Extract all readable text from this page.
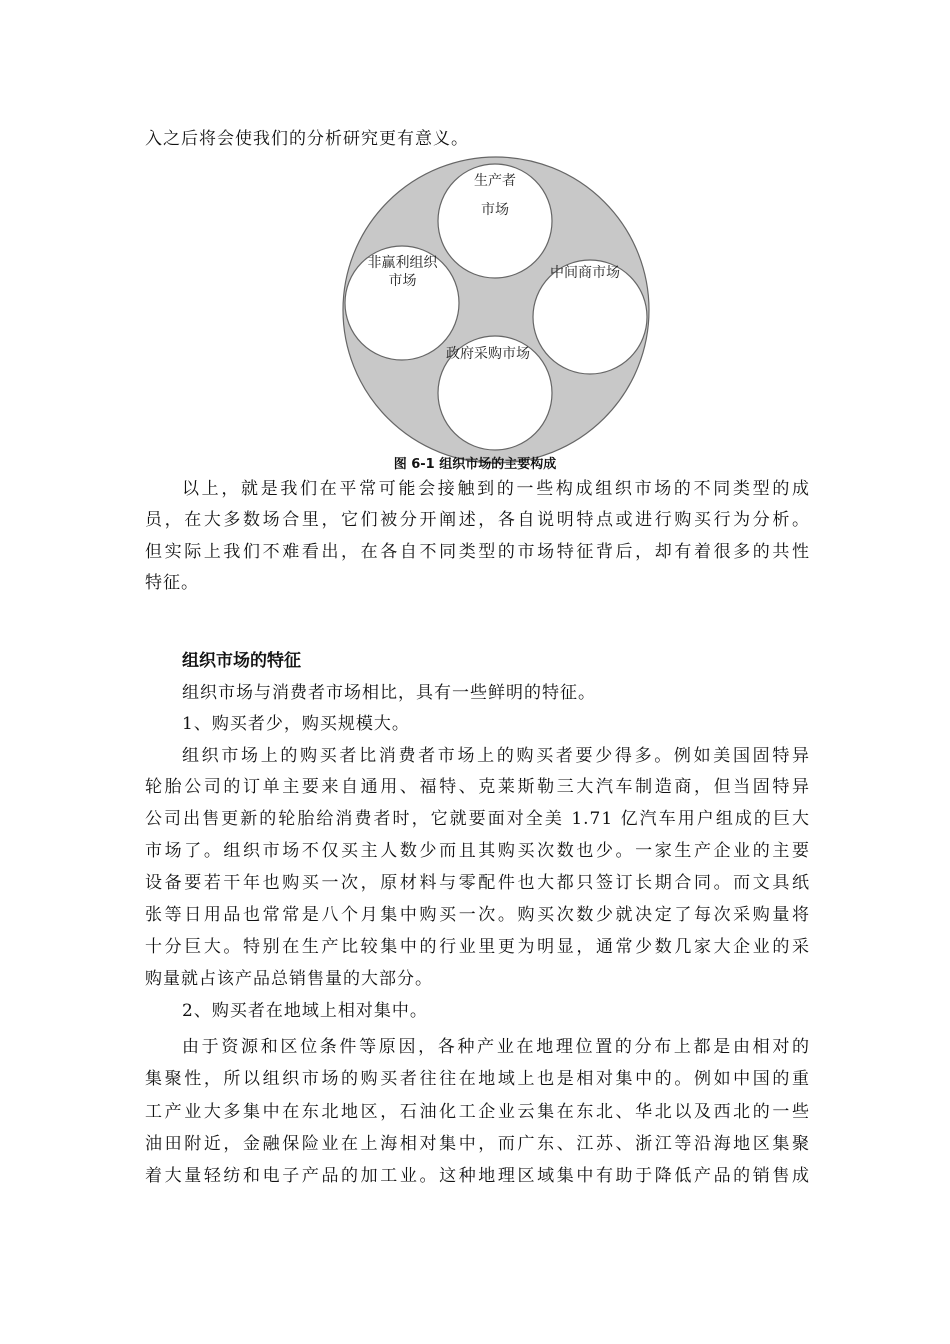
入之后将会使我们的分析研究更有意义。
生产者
市场
中间商市场
政府采购市场
非赢利组织
市场
图 6-1 组织市场的主要构成
以上，就是我们在平常可能会接触到的一些构成组织市场的不同类型的成
员，在大多数场合里，它们被分开阐述，各自说明特点或进行购买行为分析。
但实际上我们不难看出，在各自不同类型的市场特征背后，却有着很多的共性
特征。
组织市场的特征
组织市场与消费者市场相比，具有一些鲜明的特征。
1、购买者少，购买规模大。
组织市场上的购买者比消费者市场上的购买者要少得多。例如美国固特异
轮胎公司的订单主要来自通用、福特、克莱斯勒三大汽车制造商，但当固特异
公司出售更新的轮胎给消费者时，它就要面对全美 1.71 亿汽车用户组成的巨大
市场了。组织市场不仅买主人数少而且其购买次数也少。一家生产企业的主要
设备要若干年也购买一次，原材料与零配件也大都只签订长期合同。而文具纸
张等日用品也常常是八个月集中购买一次。购买次数少就决定了每次采购量将
十分巨大。特别在生产比较集中的行业里更为明显，通常少数几家大企业的采
购量就占该产品总销售量的大部分。
2、购买者在地域上相对集中。
由于资源和区位条件等原因，各种产业在地理位置的分布上都是由相对的
集聚性，所以组织市场的购买者往往在地域上也是相对集中的。例如中国的重
工产业大多集中在东北地区，石油化工企业云集在东北、华北以及西北的一些
油田附近，金融保险业在上海相对集中，而广东、江苏、浙江等沿海地区集聚
着大量轻纺和电子产品的加工业。这种地理区域集中有助于降低产品的销售成
